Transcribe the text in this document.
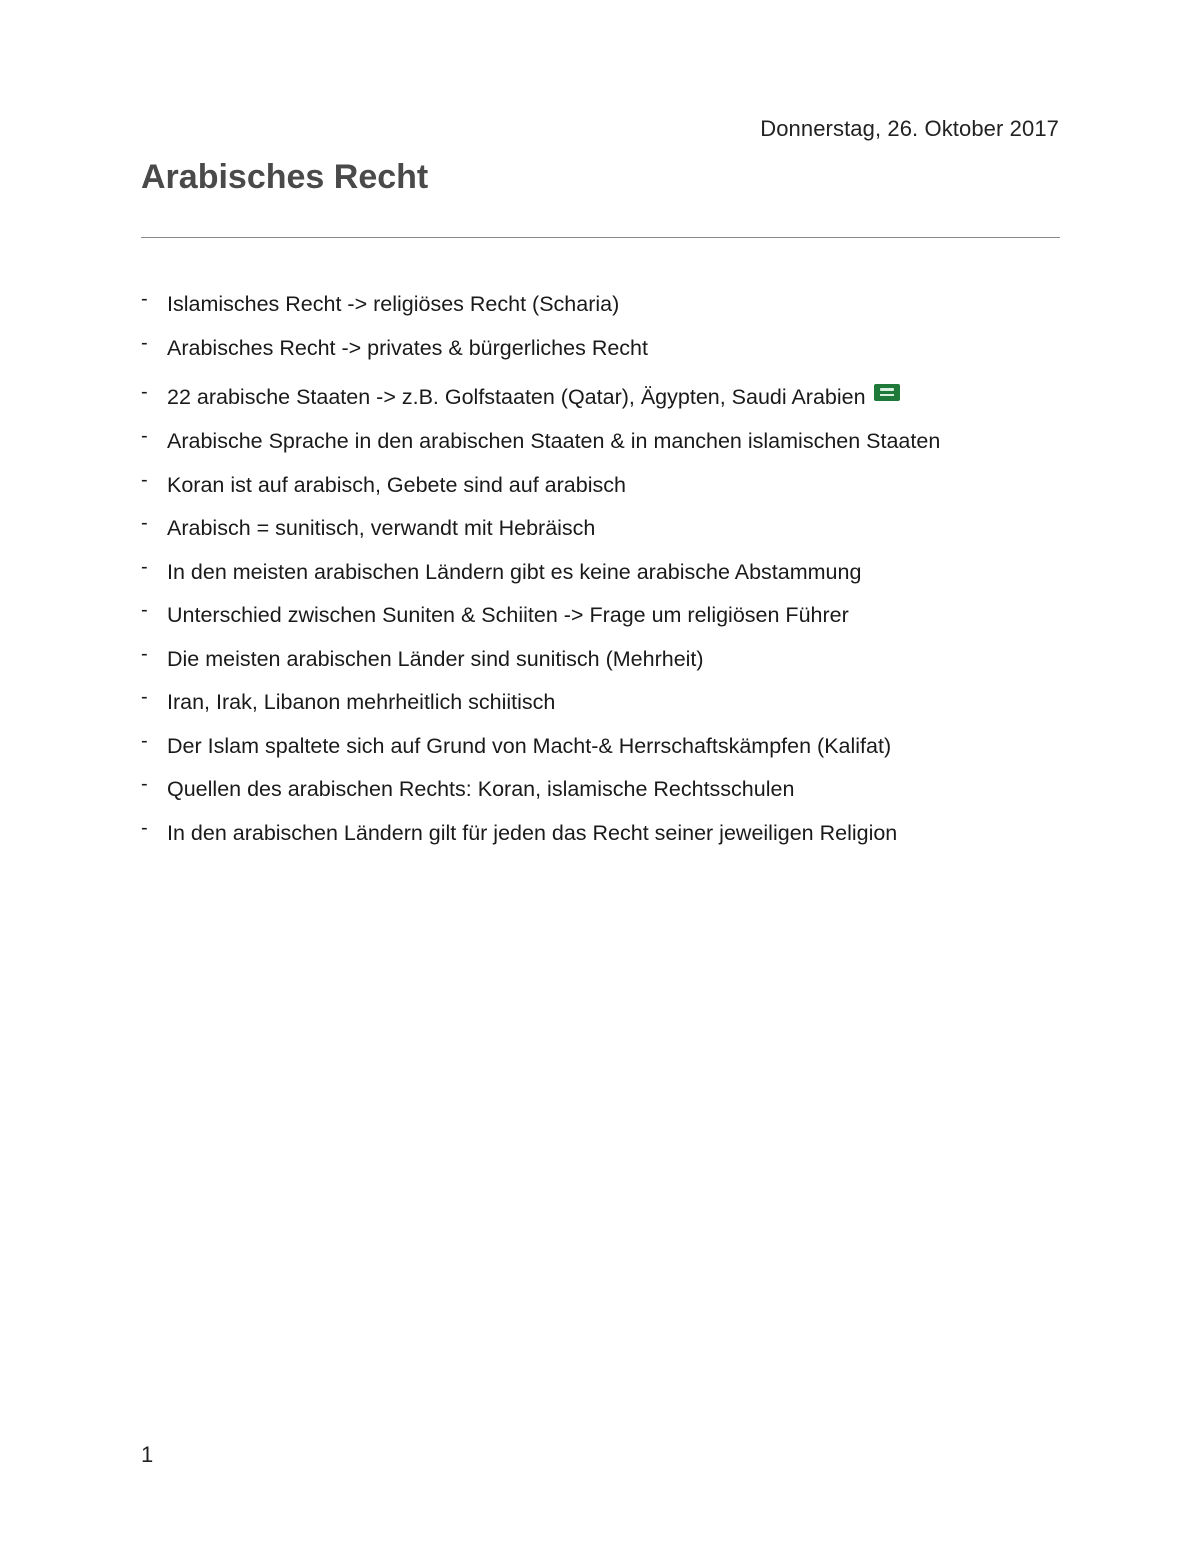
Donnerstag, 26. Oktober 2017
Arabisches Recht
- Islamisches Recht -> religiöses Recht (Scharia)
- Arabisches Recht -> privates & bürgerliches Recht
- 22 arabische Staaten -> z.B. Golfstaaten (Qatar), Ägypten, Saudi Arabien
- Arabische Sprache in den arabischen Staaten & in manchen islamischen Staaten
- Koran ist auf arabisch, Gebete sind auf arabisch
- Arabisch = sunitisch, verwandt mit Hebräisch
- In den meisten arabischen Ländern gibt es keine arabische Abstammung
- Unterschied zwischen Suniten & Schiiten -> Frage um religiösen Führer
- Die meisten arabischen Länder sind sunitisch (Mehrheit)
- Iran, Irak, Libanon mehrheitlich schiitisch
- Der Islam spaltete sich auf Grund von Macht-& Herrschaftskämpfen (Kalifat)
- Quellen des arabischen Rechts: Koran, islamische Rechtsschulen
- In den arabischen Ländern gilt für jeden das Recht seiner jeweiligen Religion
1
